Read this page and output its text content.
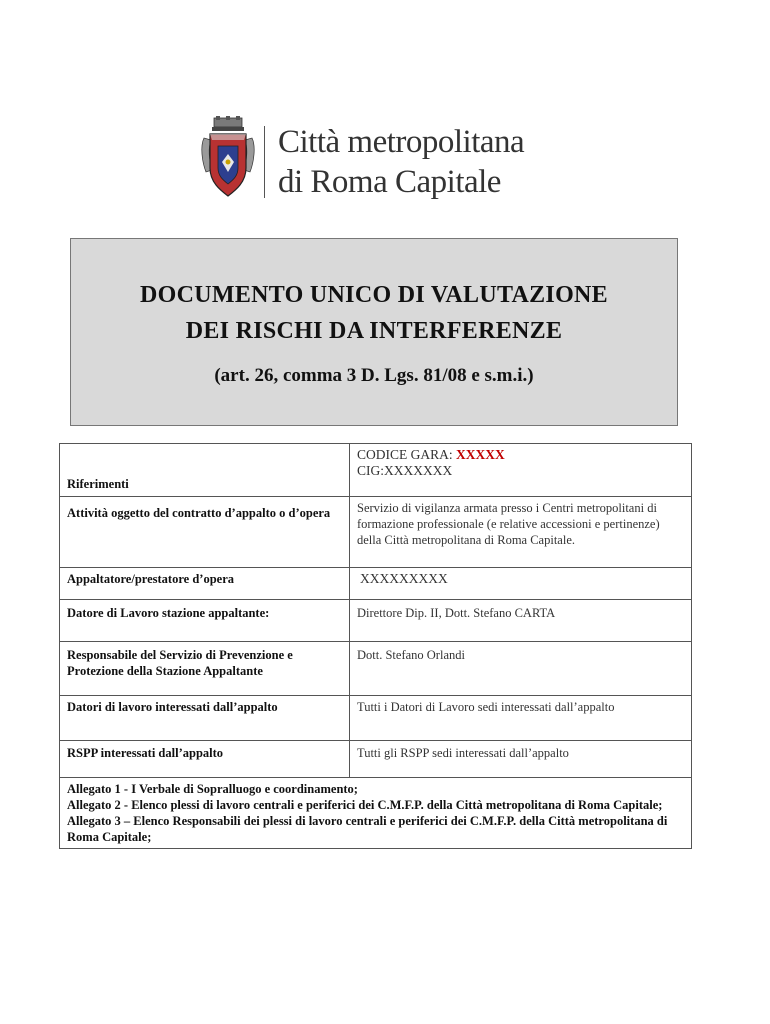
Città metropolitana
di Roma Capitale
DOCUMENTO UNICO DI VALUTAZIONE
DEI RISCHI DA INTERFERENZE
(art. 26, comma 3 D. Lgs. 81/08 e s.m.i.)
Riferimenti	CODICE GARA: XXXXX
CIG:XXXXXXX

Attività oggetto del contratto d’appalto o d’opera	Servizio di vigilanza armata presso i Centri metropolitani di formazione professionale (e relative accessioni e pertinenze) della Città metropolitana di Roma Capitale.
Appaltatore/prestatore d’opera	XXXXXXXXX
Datore di Lavoro stazione appaltante:	Direttore Dip. II, Dott. Stefano CARTA
Responsabile del Servizio di Prevenzione e Protezione della Stazione Appaltante	Dott. Stefano Orlandi
Datori di lavoro interessati dall’appalto	Tutti i Datori di Lavoro sedi interessati dall’appalto
RSPP interessati dall’appalto	Tutti gli RSPP sedi interessati dall’appalto

Allegato 1 - I Verbale di Sopralluogo e coordinamento;
Allegato 2 - Elenco plessi di lavoro centrali e periferici dei C.M.F.P. della Città metropolitana di Roma Capitale;
Allegato 3 – Elenco Responsabili dei plessi di lavoro centrali e periferici dei C.M.F.P. della Città metropolitana di Roma Capitale;	
